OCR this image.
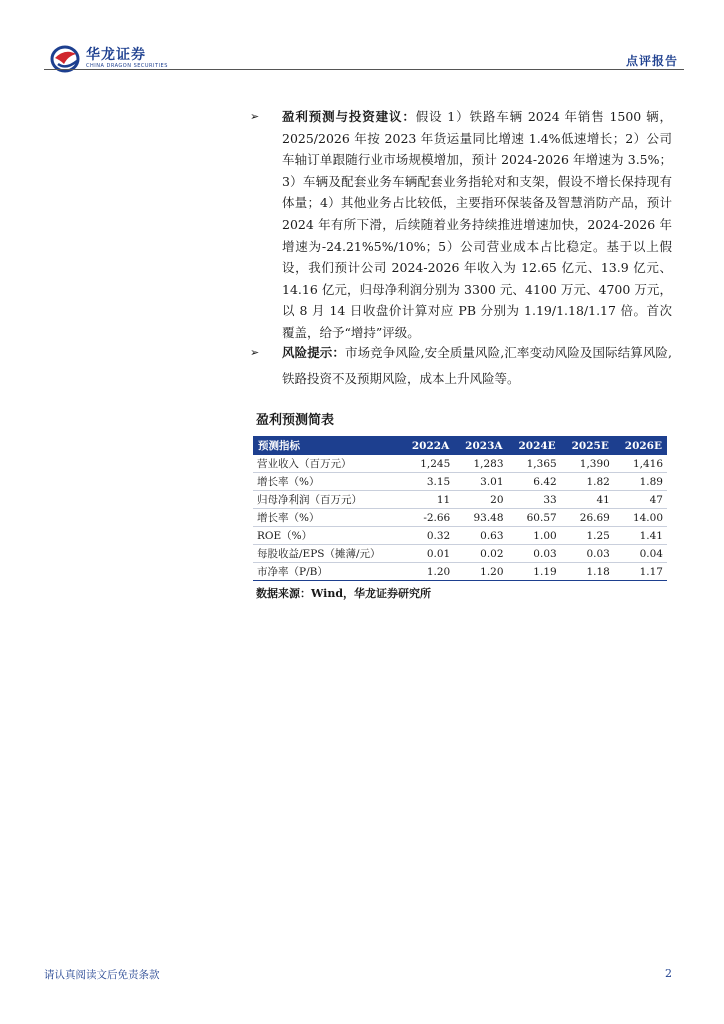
华龙证券
CHINA DRAGON SECURITIES	点评报告
➢ 盈利预测与投资建议：假设 1）铁路车辆 2024 年销售 1500 辆，2025/2026 年按 2023 年货运量同比增速 1.4%低速增长；2）公司车轴订单跟随行业市场规模增加，预计 2024-2026 年增速为 3.5%；3）车辆及配套业务车辆配套业务指轮对和支架，假设不增长保持现有体量；4）其他业务占比较低，主要指环保装备及智慧消防产品，预计 2024 年有所下滑，后续随着业务持续推进增速加快，2024-2026 年增速为-24.21%5%/10%；5）公司营业成本占比稳定。基于以上假设，我们预计公司 2024-2026 年收入为 12.65 亿元、13.9 亿元、14.16 亿元，归母净利润分别为 3300 元、4100 万元、4700 万元，以 8 月 14 日收盘价计算对应 PB 分别为 1.19/1.18/1.17 倍。首次覆盖，给予“增持”评级。
➢ 风险提示：市场竞争风险,安全质量风险,汇率变动风险及国际结算风险,铁路投资不及预期风险，成本上升风险等。
盈利预测简表
预测指标	2022A	2023A	2024E	2025E	2026E
营业收入（百万元）	1,245	1,283	1,365	1,390	1,416
增长率（%）	3.15	3.01	6.42	1.82	1.89
归母净利润（百万元）	11	20	33	41	47
增长率（%）	-2.66	93.48	60.57	26.69	14.00
ROE（%）	0.32	0.63	1.00	1.25	1.41
每股收益/EPS（摊薄/元）	0.01	0.02	0.03	0.03	0.04
市净率（P/B）	1.20	1.20	1.19	1.18	1.17
数据来源：Wind，华龙证券研究所
请认真阅读文后免责条款	2
